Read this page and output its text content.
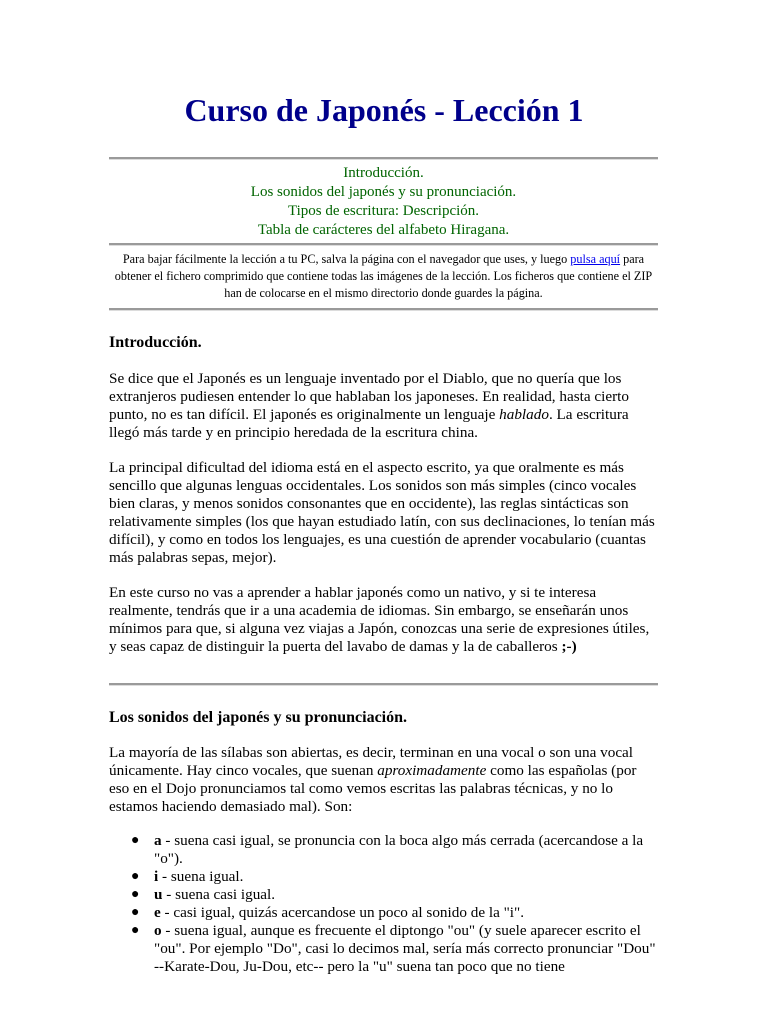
Curso de Japonés - Lección 1
Introducción.
Los sonidos del japonés y su pronunciación.
Tipos de escritura: Descripción.
Tabla de carácteres del alfabeto Hiragana.
Para bajar fácilmente la lección a tu PC, salva la página con el navegador que uses, y luego pulsa aquí para obtener el fichero comprimido que contiene todas las imágenes de la lección. Los ficheros que contiene el ZIP han de colocarse en el mismo directorio donde guardes la página.
Introducción.

Se dice que el Japonés es un lenguaje inventado por el Diablo, que no quería que los extranjeros pudiesen entender lo que hablaban los japoneses. En realidad, hasta cierto punto, no es tan difícil. El japonés es originalmente un lenguaje hablado. La escritura llegó más tarde y en principio heredada de la escritura china.

La principal dificultad del idioma está en el aspecto escrito, ya que oralmente es más sencillo que algunas lenguas occidentales. Los sonidos son más simples (cinco vocales bien claras, y menos sonidos consonantes que en occidente), las reglas sintácticas son relativamente simples (los que hayan estudiado latín, con sus declinaciones, lo tenían más difícil), y como en todos los lenguajes, es una cuestión de aprender vocabulario (cuantas más palabras sepas, mejor).

En este curso no vas a aprender a hablar japonés como un nativo, y si te interesa realmente, tendrás que ir a una academia de idiomas. Sin embargo, se enseñarán unos mínimos para que, si alguna vez viajas a Japón, conozcas una serie de expresiones útiles, y seas capaz de distinguir la puerta del lavabo de damas y la de caballeros ;-)

Los sonidos del japonés y su pronunciación.

La mayoría de las sílabas son abiertas, es decir, terminan en una vocal o son una vocal únicamente. Hay cinco vocales, que suenan aproximadamente como las españolas (por eso en el Dojo pronunciamos tal como vemos escritas las palabras técnicas, y no lo estamos haciendo demasiado mal). Son:

● a - suena casi igual, se pronuncia con la boca algo más cerrada (acercandose a la "o").
● i - suena igual.
● u - suena casi igual.
● e - casi igual, quizás acercandose un poco al sonido de la "i".
● o - suena igual, aunque es frecuente el diptongo "ou" (y suele aparecer escrito el "ou". Por ejemplo "Do", casi lo decimos mal, sería más correcto pronunciar "Dou" --Karate-Dou, Ju-Dou, etc-- pero la "u" suena tan poco que no tiene
